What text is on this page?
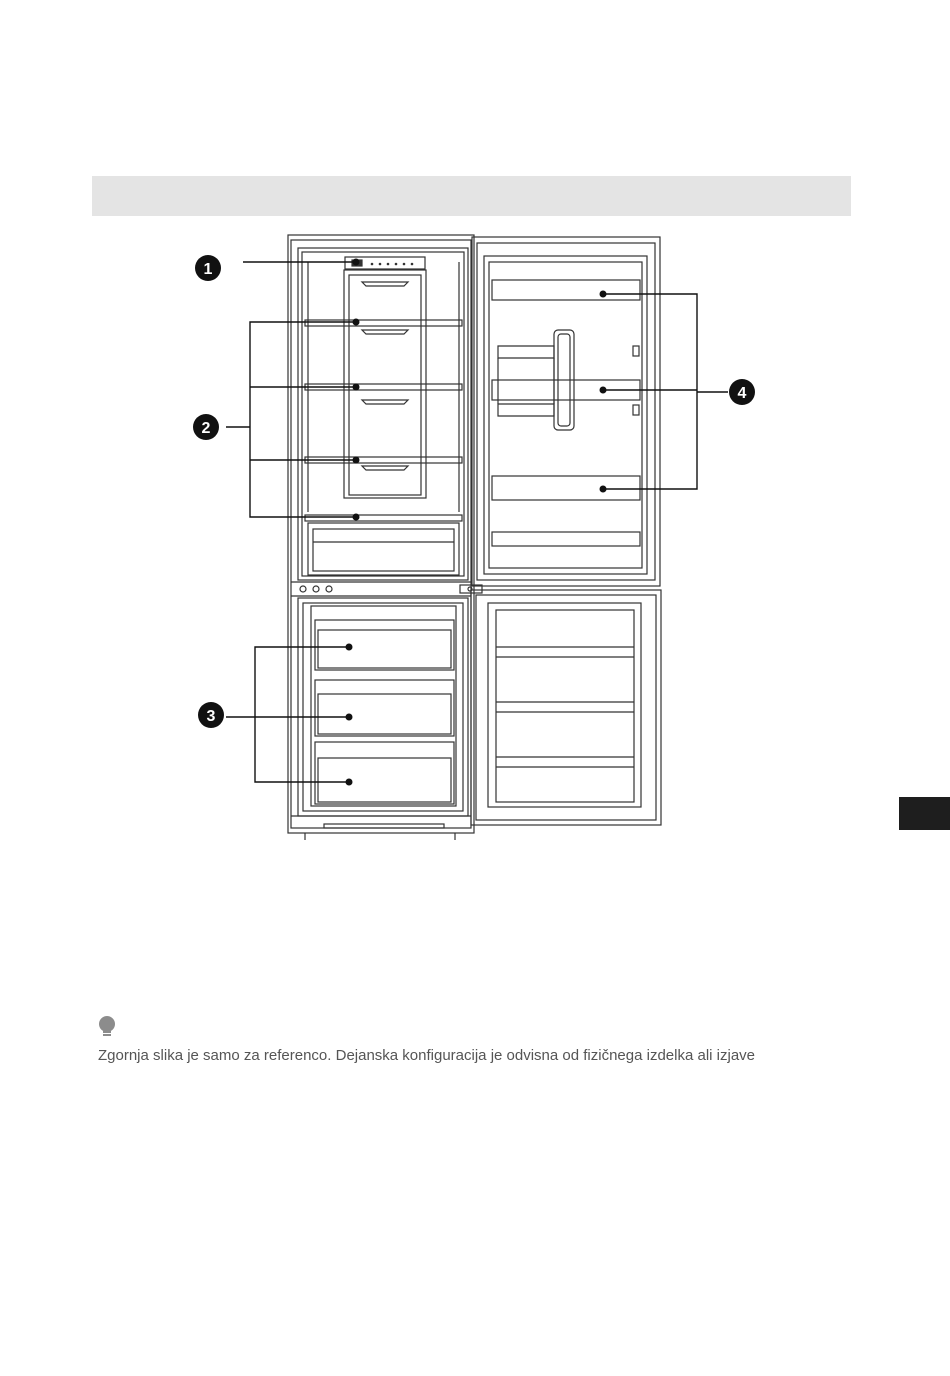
1
2
3
4
Zgornja slika je samo za referenco. Dejanska konfiguracija je odvisna od fizičnega izdelka ali izjave
